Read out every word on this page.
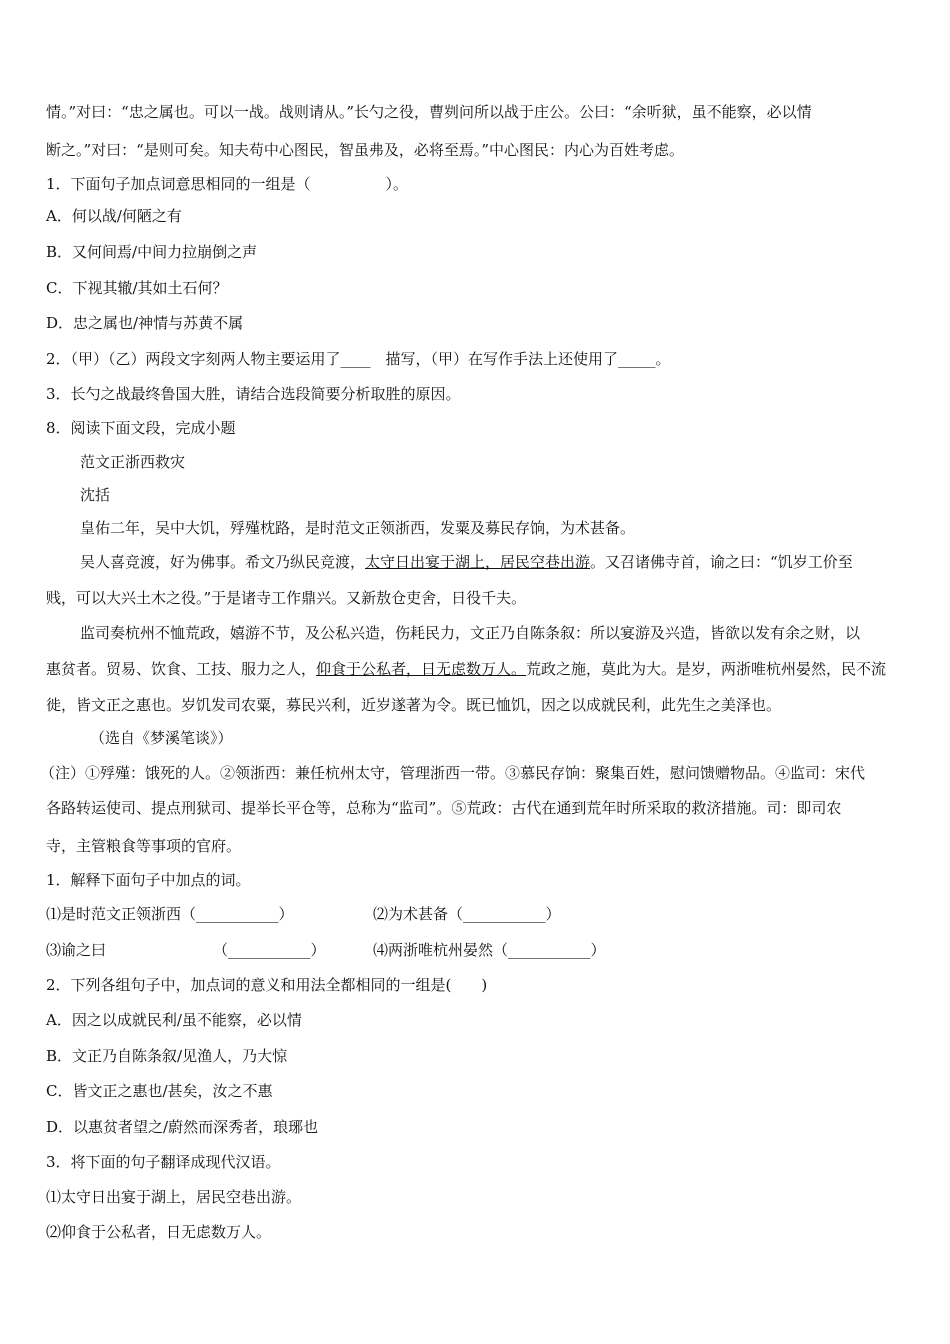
情。”对曰：“忠之属也。可以一战。战则请从。”长勺之役，曹刿问所以战于庄公。公曰：“余听狱，虽不能察，必以情
断之。”对曰：“是则可矣。知夫苟中心图民，智虽弗及，必将至焉。”中心图民：内心为百姓考虑。
1．下面句子加点词意思相同的一组是（　　　　　）。
A．何以战/何陋之有
B．又何间焉/中间力拉崩倒之声
C．下视其辙/其如土石何？
D．忠之属也/神情与苏黄不属
2．（甲）（乙）两段文字刻两人物主要运用了____　描写，（甲）在写作手法上还使用了_____。
3．长勺之战最终鲁国大胜，请结合选段简要分析取胜的原因。
8．阅读下面文段，完成小题
范文正浙西救灾
沈括
皇佑二年，吴中大饥，殍殣枕路，是时范文正领浙西，发粟及募民存饷，为术甚备。
吴人喜竞渡，好为佛事。希文乃纵民竞渡，太守日出宴于湖上，居民空巷出游。又召诸佛寺首，谕之曰：“饥岁工价至
贱，可以大兴土木之役。”于是诸寺工作鼎兴。又新敖仓吏舍，日役千夫。
监司奏杭州不恤荒政，嬉游不节，及公私兴造，伤耗民力，文正乃自陈条叙：所以宴游及兴造，皆欲以发有余之财，以
惠贫者。贸易、饮食、工技、服力之人，仰食于公私者，日无虑数万人。荒政之施，莫此为大。是岁，两浙唯杭州晏然，民不流
徙，皆文正之惠也。岁饥发司农粟，募民兴利，近岁遂著为令。既已恤饥，因之以成就民利，此先生之美泽也。
（选自《梦溪笔谈》）
（注）①殍殣：饿死的人。②领浙西：兼任杭州太守，管理浙西一带。③慕民存饷：聚集百姓，慰问馈赠物品。④监司：宋代
各路转运使司、提点刑狱司、提举长平仓等，总称为“监司”。⑤荒政：古代在通到荒年时所采取的救济措施。司：即司农
寺，主管粮食等事项的官府。
1．解释下面句子中加点的词。
⑴是时范文正领浙西（___________）	⑵为术甚备（___________）
⑶谕之曰	（___________）	⑷两浙唯杭州晏然（___________）
2．下列各组句子中，加点词的意义和用法全都相同的一组是(　　)
A．因之以成就民利/虽不能察，必以情
B．文正乃自陈条叙/见渔人，乃大惊
C．皆文正之惠也/甚矣，汝之不惠
D．以惠贫者望之/蔚然而深秀者，琅琊也
3．将下面的句子翻译成现代汉语。
⑴太守日出宴于湖上，居民空巷出游。
⑵仰食于公私者，日无虑数万人。
